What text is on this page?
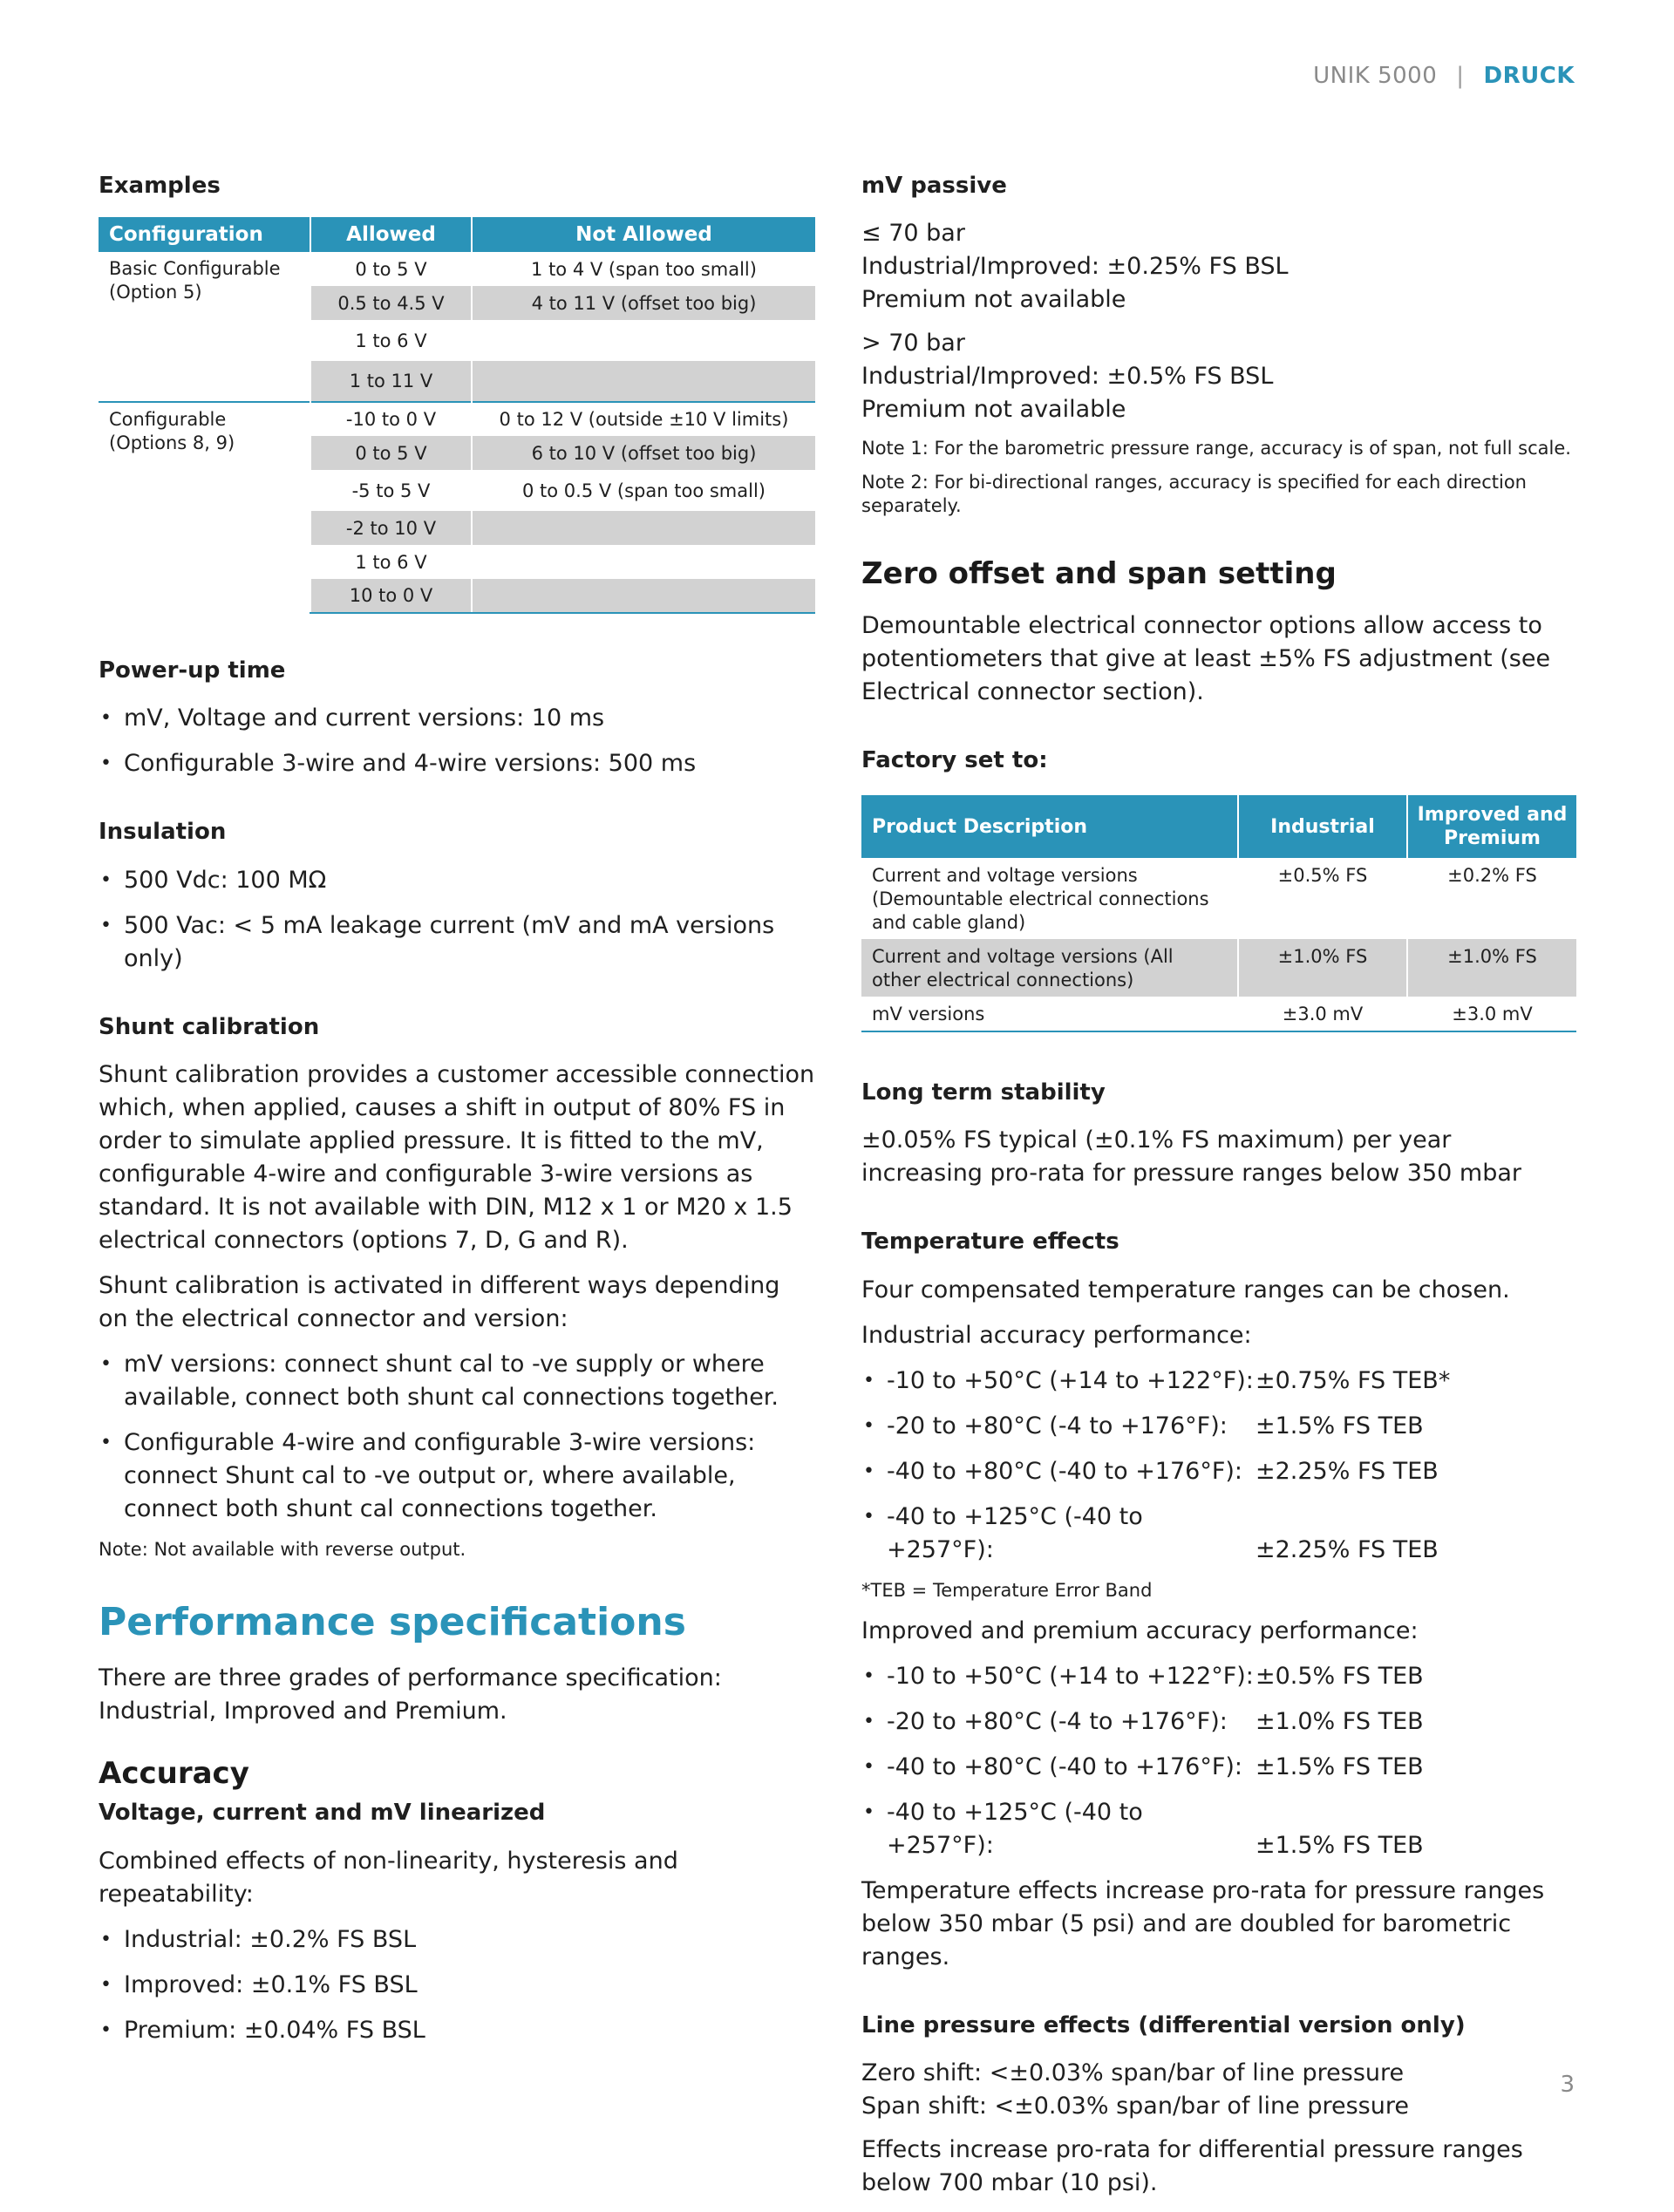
UNIK 5000 | DRUCK
Examples
Configuration	Allowed	Not Allowed
Basic Configurable (Option 5)	0 to 5 V	1 to 4 V (span too small)
	0.5 to 4.5 V	4 to 11 V (offset too big)
	1 to 6 V	
	1 to 11 V	
Configurable (Options 8, 9)	-10 to 0 V	0 to 12 V (outside ±10 V limits)
	0 to 5 V	6 to 10 V (offset too big)
	-5 to 5 V	0 to 0.5 V (span too small)
	-2 to 10 V	
	1 to 6 V	
	10 to 0 V	
Power-up time
• mV, Voltage and current versions: 10 ms
• Configurable 3-wire and 4-wire versions: 500 ms
Insulation
• 500 Vdc: 100 MΩ
• 500 Vac: < 5 mA leakage current (mV and mA versions only)
Shunt calibration

Shunt calibration provides a customer accessible connection which, when applied, causes a shift in output of 80% FS in order to simulate applied pressure. It is fitted to the mV, configurable 4-wire and configurable 3-wire versions as standard. It is not available with DIN, M12 x 1 or M20 x 1.5 electrical connectors (options 7, D, G and R).

Shunt calibration is activated in different ways depending on the electrical connector and version:

• mV versions: connect shunt cal to -ve supply or where available, connect both shunt cal connections together.
• Configurable 4-wire and configurable 3-wire versions: connect Shunt cal to -ve output or, where available, connect both shunt cal connections together.

Note: Not available with reverse output.

Performance specifications

There are three grades of performance specification: Industrial, Improved and Premium.

Accuracy
Voltage, current and mV linearized

Combined effects of non-linearity, hysteresis and repeatability:

• Industrial: ±0.2% FS BSL
• Improved: ±0.1% FS BSL
• Premium: ±0.04% FS BSL
mV passive

≤ 70 bar
Industrial/Improved: ±0.25% FS BSL
Premium not available

> 70 bar
Industrial/Improved: ±0.5% FS BSL
Premium not available

Note 1: For the barometric pressure range, accuracy is of span, not full scale.

Note 2: For bi-directional ranges, accuracy is specified for each direction separately.

Zero offset and span setting

Demountable electrical connector options allow access to potentiometers that give at least ±5% FS adjustment (see Electrical connector section).

Factory set to:
Product Description	Industrial	Improved and Premium
Current and voltage versions (Demountable electrical connections and cable gland)	±0.5% FS	±0.2% FS
Current and voltage versions (All other electrical connections)	±1.0% FS	±1.0% FS
mV versions	±3.0 mV	±3.0 mV
Long term stability

±0.05% FS typical (±0.1% FS maximum) per year increasing pro-rata for pressure ranges below 350 mbar

Temperature effects

Four compensated temperature ranges can be chosen.

Industrial accuracy performance:

• -10 to +50°C (+14 to +122°F):±0.75% FS TEB*
• -20 to +80°C (-4 to +176°F): ±1.5% FS TEB
• -40 to +80°C (-40 to +176°F): ±2.25% FS TEB
• -40 to +125°C (-40 to +257°F):	±2.25% FS TEB

*TEB = Temperature Error Band

Improved and premium accuracy performance:

• -10 to +50°C (+14 to +122°F):±0.5% FS TEB
• -20 to +80°C (-4 to +176°F): ±1.0% FS TEB
• -40 to +80°C (-40 to +176°F): ±1.5% FS TEB
• -40 to +125°C (-40 to +257°F):	±1.5% FS TEB

Temperature effects increase pro-rata for pressure ranges below 350 mbar (5 psi) and are doubled for barometric ranges.

Line pressure effects (differential version only)

Zero shift: <±0.03% span/bar of line pressure
Span shift: <±0.03% span/bar of line pressure

Effects increase pro-rata for differential pressure ranges below 700 mbar (10 psi).

3
